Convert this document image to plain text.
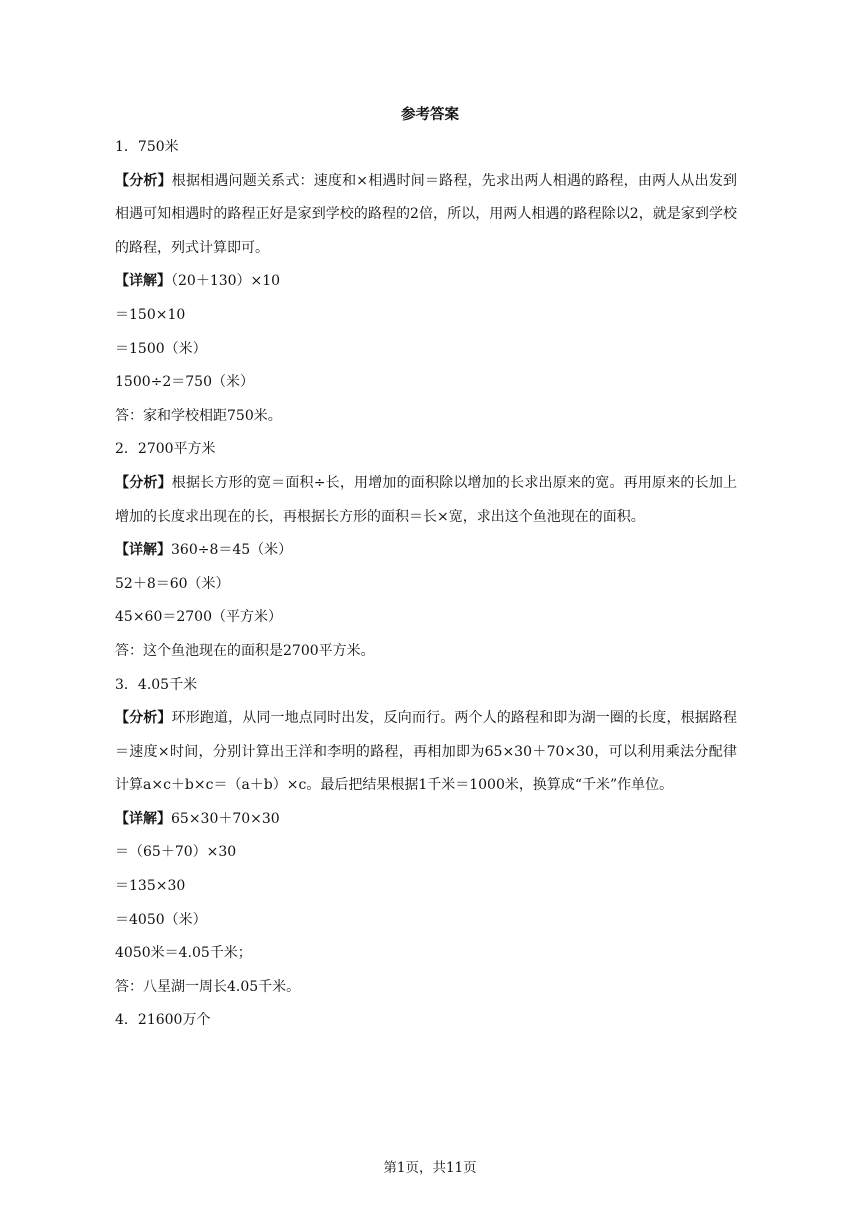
参考答案
1．750米
【分析】根据相遇问题关系式：速度和×相遇时间＝路程，先求出两人相遇的路程，由两人从出发到相遇可知相遇时的路程正好是家到学校的路程的2倍，所以，用两人相遇的路程除以2，就是家到学校的路程，列式计算即可。
【详解】（20＋130）×10
＝150×10
＝1500（米）
1500÷2＝750（米）
答：家和学校相距750米。
2．2700平方米
【分析】根据长方形的宽＝面积÷长，用增加的面积除以增加的长求出原来的宽。再用原来的长加上增加的长度求出现在的长，再根据长方形的面积＝长×宽，求出这个鱼池现在的面积。
【详解】360÷8＝45（米）
52＋8＝60（米）
45×60＝2700（平方米）
答：这个鱼池现在的面积是2700平方米。
3．4.05千米
【分析】环形跑道，从同一地点同时出发，反向而行。两个人的路程和即为湖一圈的长度，根据路程＝速度×时间，分别计算出王洋和李明的路程，再相加即为65×30＋70×30，可以利用乘法分配律计算a×c＋b×c＝（a＋b）×c。最后把结果根据1千米＝1000米，换算成“千米”作单位。
【详解】65×30＋70×30
＝（65＋70）×30
＝135×30
＝4050（米）
4050米＝4.05千米；
答：八星湖一周长4.05千米。
4．21600万个
第1页，共11页
